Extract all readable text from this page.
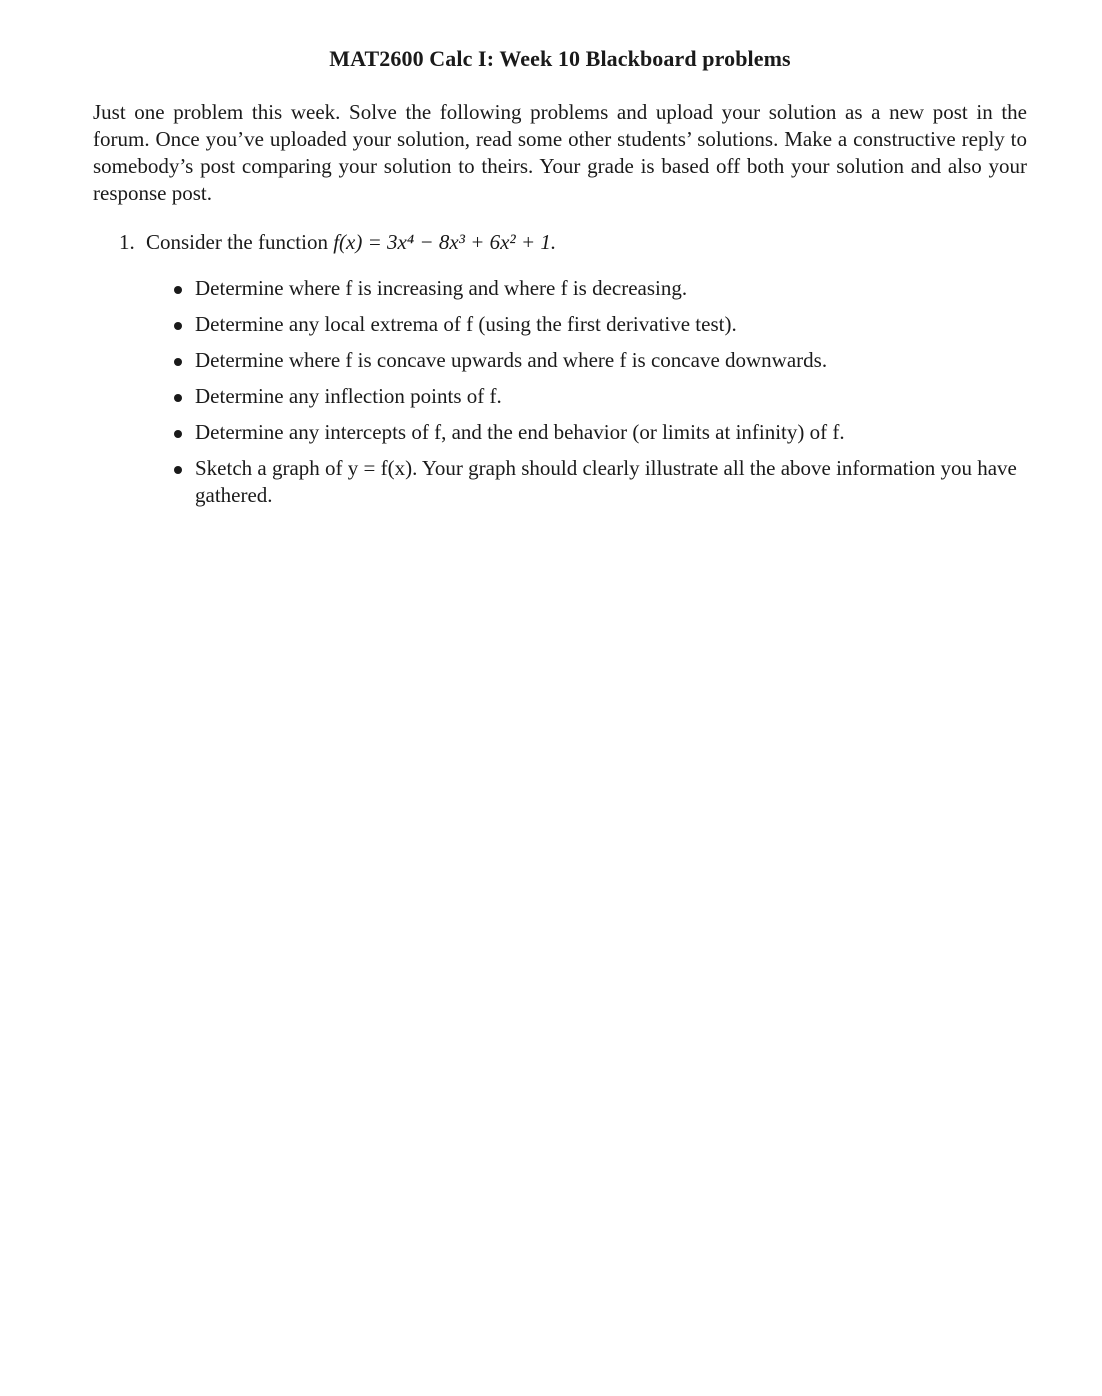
MAT2600 Calc I: Week 10 Blackboard problems

Just one problem this week. Solve the following problems and upload your solution as a new post in the forum. Once you’ve uploaded your solution, read some other students’ solutions. Make a constructive reply to somebody’s post comparing your solution to theirs. Your grade is based off both your solution and also your response post.

1. Consider the function f(x) = 3x⁴ − 8x³ + 6x² + 1.

Determine where f is increasing and where f is decreasing.
Determine any local extrema of f (using the first derivative test).
Determine where f is concave upwards and where f is concave downwards.
Determine any inflection points of f.
Determine any intercepts of f, and the end behavior (or limits at infinity) of f.
Sketch a graph of y = f(x). Your graph should clearly illustrate all the above information you have gathered.
